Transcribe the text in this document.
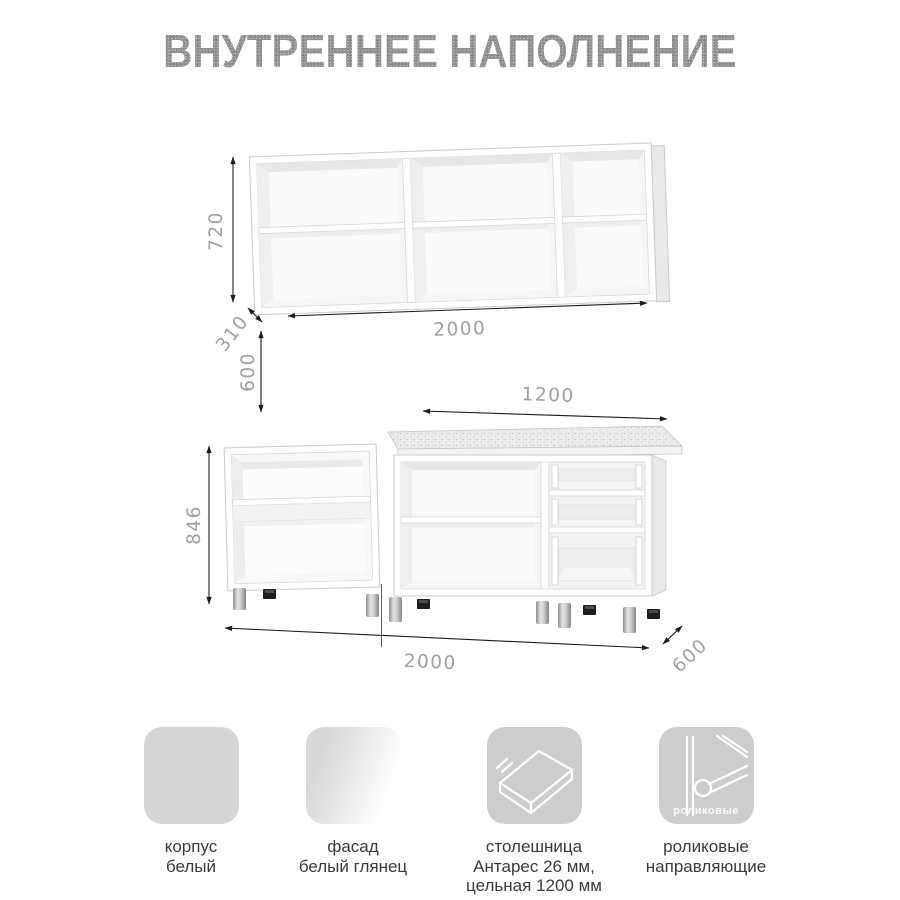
ВНУТРЕННЕЕ НАПОЛНЕНИЕ
720
310	2000
600
1200
846
2000	600
корпус
белый
фасад
белый глянец
столешница
Антарес 26 мм,
цельная 1200 мм
роликовые
роликовые
направляющие
